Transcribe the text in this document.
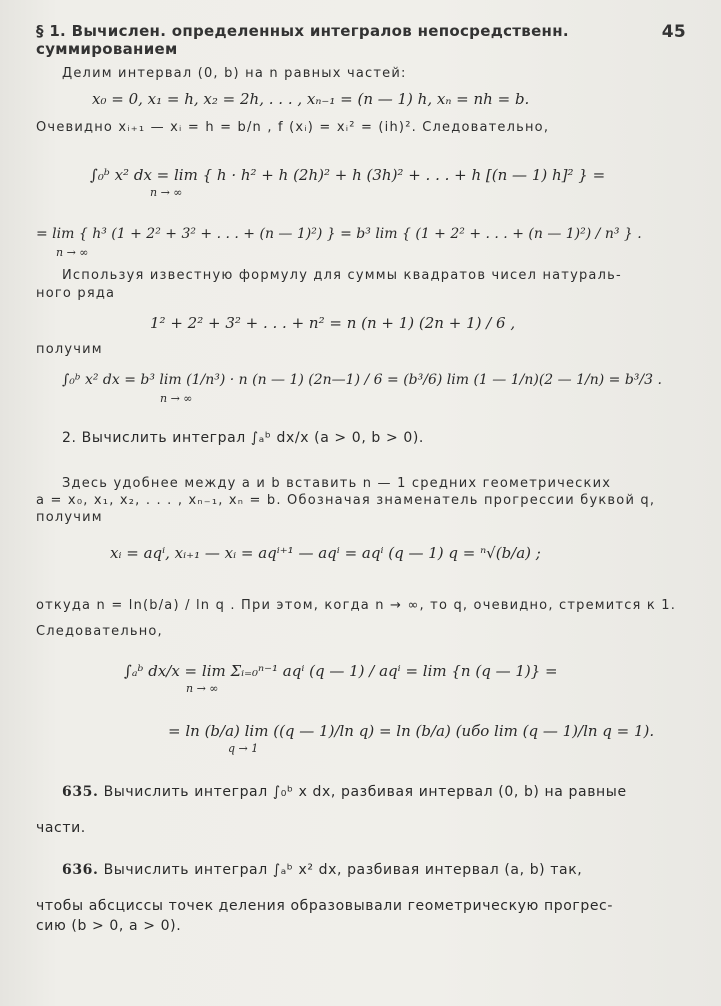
§ 1. Вычислен. определенных интегралов непосредственн. суммированием
45
Делим интервал (0, b) на n равных частей:
x₀ = 0, x₁ = h, x₂ = 2h, . . . , xₙ₋₁ = (n — 1) h, xₙ = nh = b.
Очевидно xᵢ₊₁ — xᵢ = h = b/n , f (xᵢ) = xᵢ² = (ih)². Следовательно,
∫₀ᵇ x² dx = lim { h · h² + h (2h)² + h (3h)² + . . . + h [(n — 1) h]² } =
n → ∞
= lim { h³ (1 + 2² + 3² + . . . + (n — 1)²) } = b³ lim { (1 + 2² + . . . + (n — 1)²) / n³ } .
n → ∞
Используя известную формулу для суммы квадратов чисел натураль-
ного ряда
1² + 2² + 3² + . . . + n² = n (n + 1) (2n + 1) / 6 ,
получим
∫₀ᵇ x² dx = b³ lim (1/n³) · n (n — 1) (2n—1) / 6 = (b³/6) lim (1 — 1/n)(2 — 1/n) = b³/3 .
n → ∞
2. Вычислить интеграл ∫ₐᵇ dx/x (a > 0, b > 0).
Здесь удобнее между a и b вставить n — 1 средних геометрических
a = x₀, x₁, x₂, . . . , xₙ₋₁, xₙ = b. Обозначая знаменатель прогрессии буквой q,
получим
xᵢ = aqⁱ, xᵢ₊₁ — xᵢ = aqⁱ⁺¹ — aqⁱ = aqⁱ (q — 1) q = ⁿ√(b/a) ;
откуда n = ln(b/a) / ln q . При этом, когда n → ∞, то q, очевидно, стремится к 1.
Следовательно,
∫ₐᵇ dx/x = lim Σᵢ₌₀ⁿ⁻¹ aqⁱ (q — 1) / aqⁱ = lim {n (q — 1)} =
n → ∞
= ln (b/a) lim ((q — 1)/ln q) = ln (b/a) (ибо lim (q — 1)/ln q = 1).
q → 1
635. Вычислить интеграл ∫₀ᵇ x dx, разбивая интервал (0, b) на равные
части.
636. Вычислить интеграл ∫ₐᵇ x² dx, разбивая интервал (a, b) так,
чтобы абсциссы точек деления образовывали геометрическую прогрес-
сию (b > 0, a > 0).
